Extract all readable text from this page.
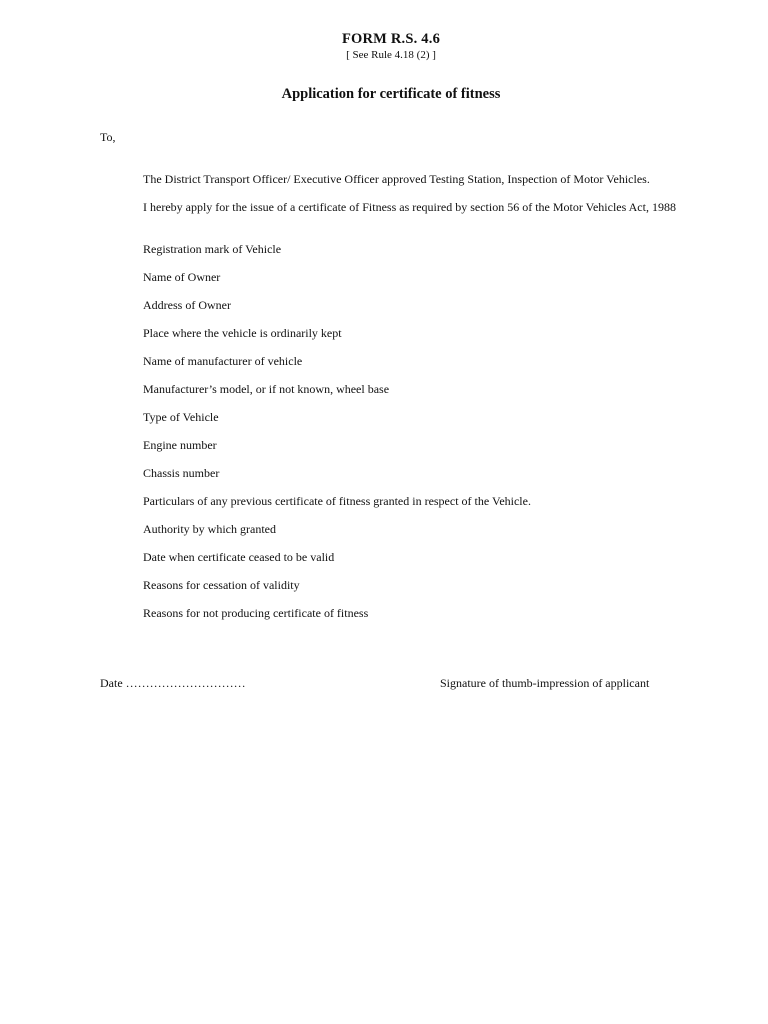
FORM R.S. 4.6
[ See Rule 4.18 (2) ]
Application for certificate of fitness
To,
The District Transport Officer/ Executive Officer approved Testing Station, Inspection of Motor Vehicles.
I hereby apply for the issue of a certificate of Fitness as required by section 56 of the Motor Vehicles Act, 1988
Registration mark of Vehicle
Name of Owner
Address of Owner
Place where the vehicle is ordinarily kept
Name of manufacturer of vehicle
Manufacturer’s model, or if not known, wheel base
Type of Vehicle
Engine number
Chassis number
Particulars of any previous certificate of fitness granted in respect of the Vehicle.
Authority by which granted
Date when certificate ceased to be valid
Reasons for cessation of validity
Reasons for not producing certificate of fitness
Date …………………………	Signature of thumb-impression of applicant
